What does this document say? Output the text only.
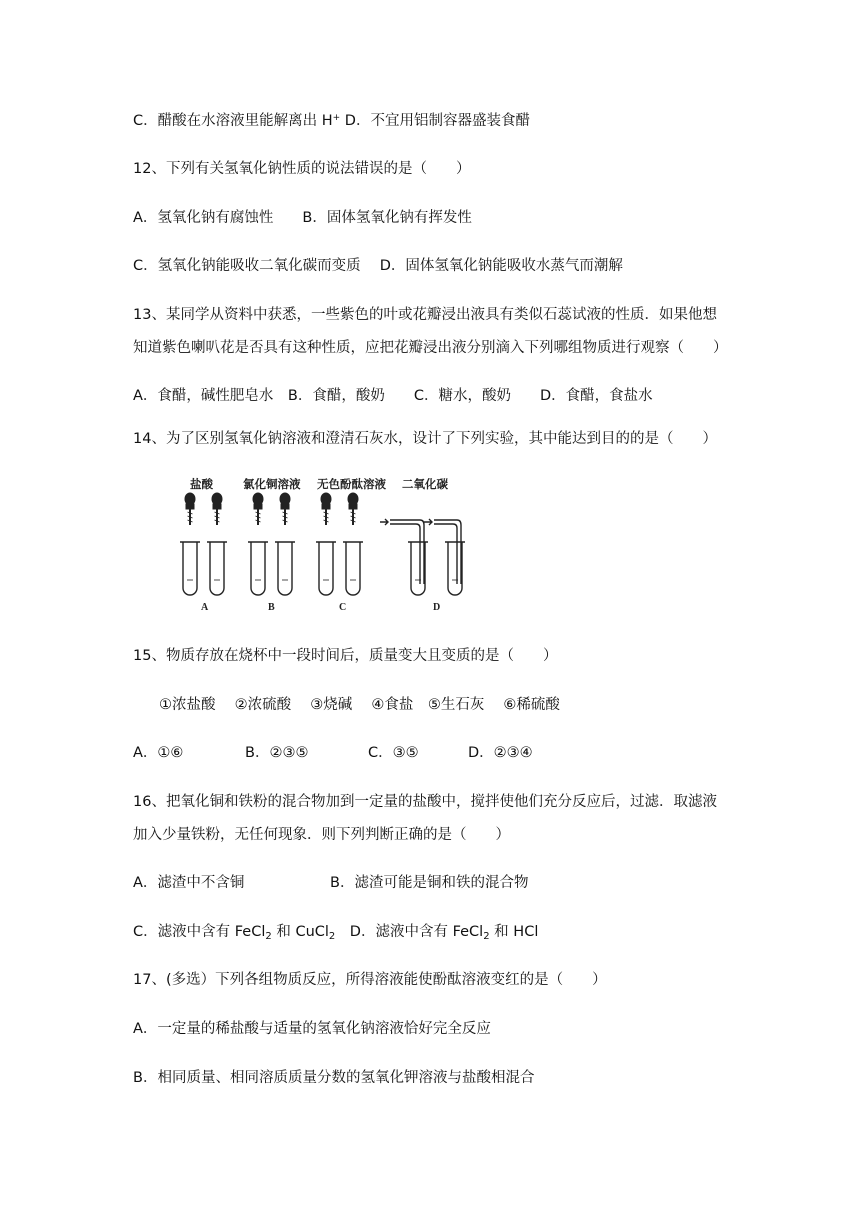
C．醋酸在水溶液里能解离出 H+ D．不宜用铝制容器盛装食醋
12、下列有关氢氧化钠性质的说法错误的是（　　）
A．氢氧化钠有腐蚀性　　B．固体氢氧化钠有挥发性
C．氢氧化钠能吸收二氧化碳而变质　 D．固体氢氧化钠能吸收水蒸气而潮解
13、某同学从资料中获悉，一些紫色的叶或花瓣浸出液具有类似石蕊试液的性质．如果他想
知道紫色喇叭花是否具有这种性质，应把花瓣浸出液分别滴入下列哪组物质进行观察（　　）
A．食醋，碱性肥皂水　B．食醋，酸奶　　C．糖水，酸奶　　D．食醋，食盐水
14、为了区别氢氧化钠溶液和澄清石灰水，设计了下列实验，其中能达到目的的是（　　）
盐酸	氯化铜溶液 无色酚酞溶液 二氧化碳
A	B	C	D
15、物质存放在烧杯中一段时间后，质量变大且变质的是（　　）
①浓盐酸　 ②浓硫酸　 ③烧碱　 ④食盐　⑤生石灰　 ⑥稀硫酸
A．①⑥	B．②③⑤	C．③⑤	D．②③④
16、把氧化铜和铁粉的混合物加到一定量的盐酸中，搅拌使他们充分反应后，过滤．取滤液
加入少量铁粉，无任何现象．则下列判断正确的是（　　）
A．滤渣中不含铜	B．滤渣可能是铜和铁的混合物
C．滤液中含有 FeCl$_2$ 和 CuCl$_2$　D．滤液中含有 FeCl$_2$ 和 HCl
17、(多选）下列各组物质反应，所得溶液能使酚酞溶液变红的是（　　）
A．一定量的稀盐酸与适量的氢氧化钠溶液恰好完全反应
B．相同质量、相同溶质质量分数的氢氧化钾溶液与盐酸相混合
